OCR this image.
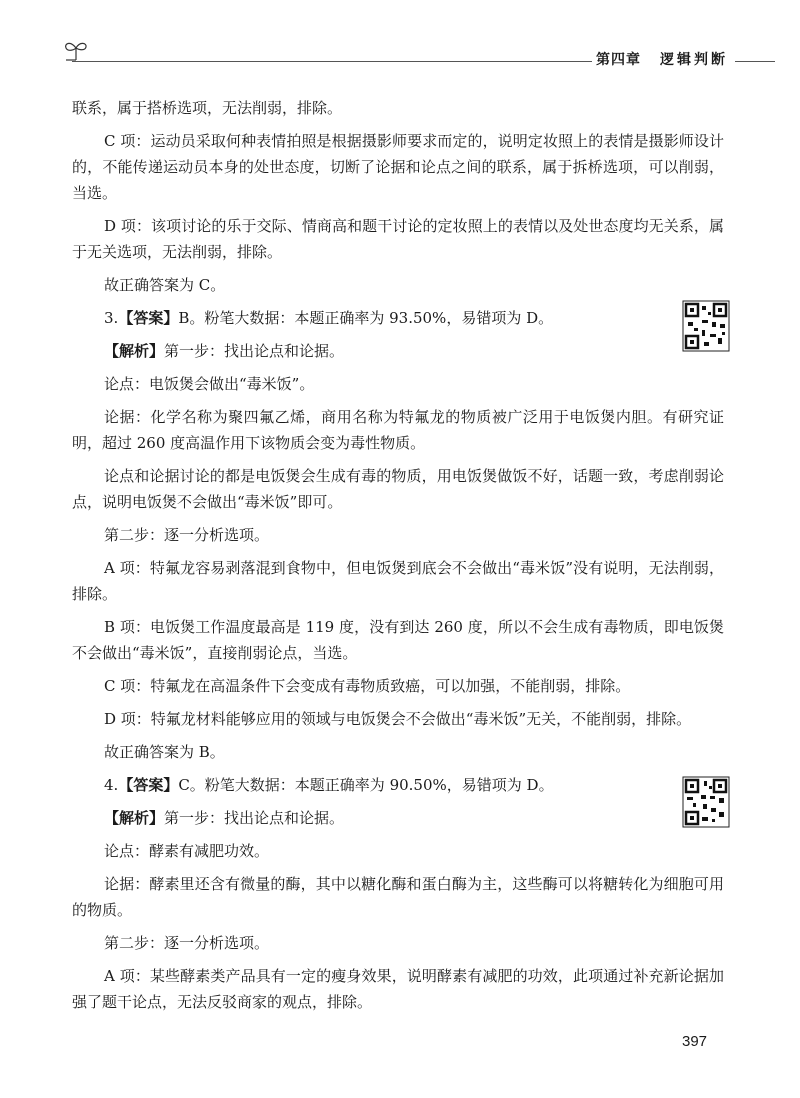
第四章 逻辑判断

联系，属于搭桥选项，无法削弱，排除。

C 项：运动员采取何种表情拍照是根据摄影师要求而定的，说明定妆照上的表情是摄影师设计的，不能传递运动员本身的处世态度，切断了论据和论点之间的联系，属于拆桥选项，可以削弱，当选。

D 项：该项讨论的乐于交际、情商高和题干讨论的定妆照上的表情以及处世态度均无关系，属于无关选项，无法削弱，排除。

故正确答案为 C。

3.【答案】B。粉笔大数据：本题正确率为 93.50%，易错项为 D。

【解析】第一步：找出论点和论据。

论点：电饭煲会做出“毒米饭”。

论据：化学名称为聚四氟乙烯，商用名称为特氟龙的物质被广泛用于电饭煲内胆。有研究证明，超过 260 度高温作用下该物质会变为毒性物质。

论点和论据讨论的都是电饭煲会生成有毒的物质，用电饭煲做饭不好，话题一致，考虑削弱论点，说明电饭煲不会做出“毒米饭”即可。

第二步：逐一分析选项。

A 项：特氟龙容易剥落混到食物中，但电饭煲到底会不会做出“毒米饭”没有说明，无法削弱，排除。

B 项：电饭煲工作温度最高是 119 度，没有到达 260 度，所以不会生成有毒物质，即电饭煲不会做出“毒米饭”，直接削弱论点，当选。

C 项：特氟龙在高温条件下会变成有毒物质致癌，可以加强，不能削弱，排除。

D 项：特氟龙材料能够应用的领域与电饭煲会不会做出“毒米饭”无关，不能削弱，排除。

故正确答案为 B。

4.【答案】C。粉笔大数据：本题正确率为 90.50%，易错项为 D。

【解析】第一步：找出论点和论据。

论点：酵素有减肥功效。

论据：酵素里还含有微量的酶，其中以糖化酶和蛋白酶为主，这些酶可以将糖转化为细胞可用的物质。

第二步：逐一分析选项。

A 项：某些酵素类产品具有一定的瘦身效果，说明酵素有减肥的功效，此项通过补充新论据加强了题干论点，无法反驳商家的观点，排除。

397
